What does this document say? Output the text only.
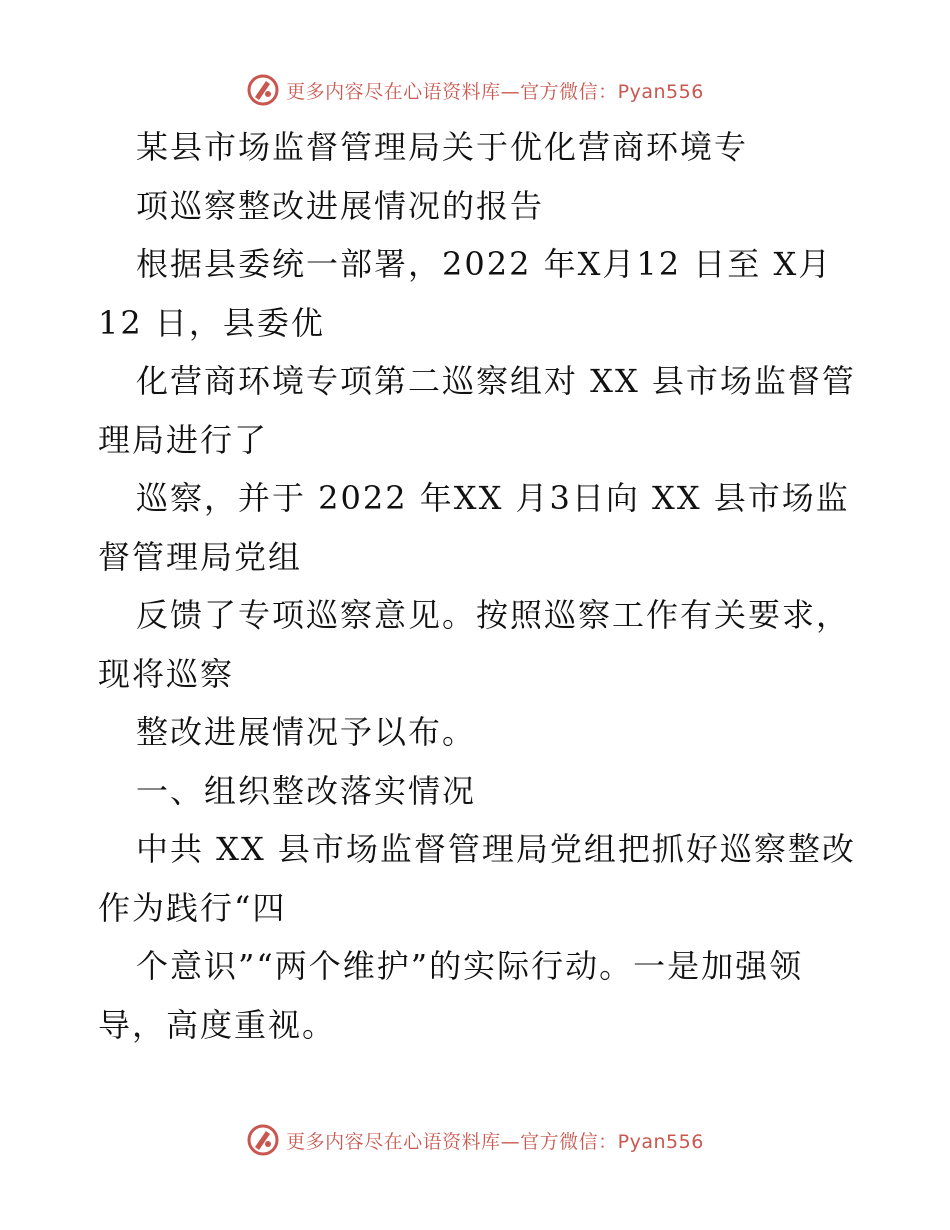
更多内容尽在心语资料库—官方微信：Pyan556
某县市场监督管理局关于优化营商环境专
项巡察整改进展情况的报告
根据县委统一部署，2022 年X月12 日至 X月
12 日，县委优
化营商环境专项第二巡察组对 XX 县市场监督管
理局进行了
巡察，并于 2022 年XX 月3日向 XX 县市场监
督管理局党组
反馈了专项巡察意见。按照巡察工作有关要求，
现将巡察
整改进展情况予以布。
一、组织整改落实情况
中共 XX 县市场监督管理局党组把抓好巡察整改
作为践行“四
个意识”“两个维护”的实际行动。一是加强领
导，高度重视。
更多内容尽在心语资料库—官方微信：Pyan556
